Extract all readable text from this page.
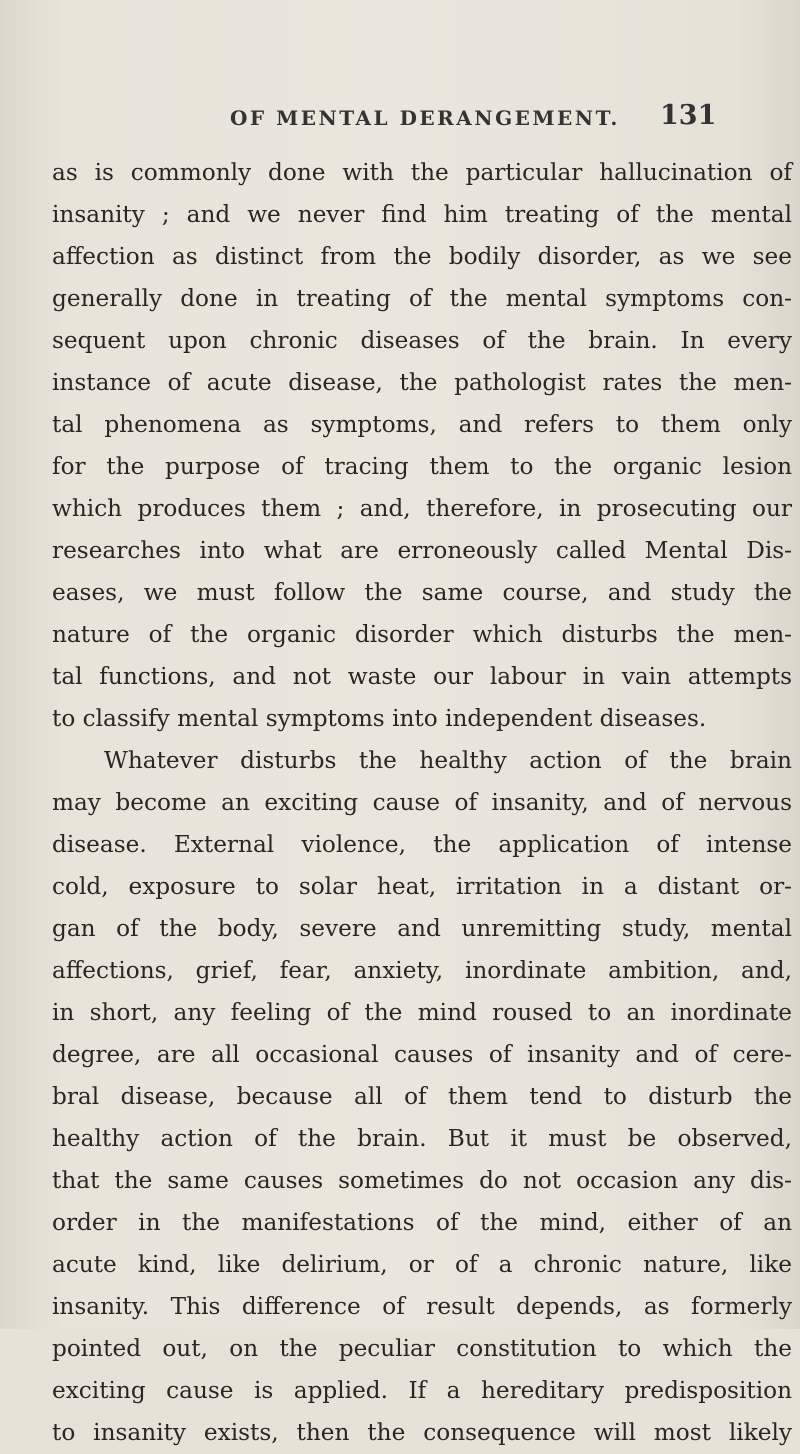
OF MENTAL DERANGEMENT. 131
as is commonly done with the particular hallucination of
insanity ; and we never find him treating of the mental
affection as distinct from the bodily disorder, as we see
generally done in treating of the mental symptoms con-
sequent upon chronic diseases of the brain. In every
instance of acute disease, the pathologist rates the men-
tal phenomena as symptoms, and refers to them only
for the purpose of tracing them to the organic lesion
which produces them ; and, therefore, in prosecuting our
researches into what are erroneously called Mental Dis-
eases, we must follow the same course, and study the
nature of the organic disorder which disturbs the men-
tal functions, and not waste our labour in vain attempts
to classify mental symptoms into independent diseases.
Whatever disturbs the healthy action of the brain
may become an exciting cause of insanity, and of nervous
disease. External violence, the application of intense
cold, exposure to solar heat, irritation in a distant or-
gan of the body, severe and unremitting study, mental
affections, grief, fear, anxiety, inordinate ambition, and,
in short, any feeling of the mind roused to an inordinate
degree, are all occasional causes of insanity and of cere-
bral disease, because all of them tend to disturb the
healthy action of the brain. But it must be observed,
that the same causes sometimes do not occasion any dis-
order in the manifestations of the mind, either of an
acute kind, like delirium, or of a chronic nature, like
insanity. This difference of result depends, as formerly
pointed out, on the peculiar constitution to which the
exciting cause is applied. If a hereditary predisposition
to insanity exists, then the consequence will most likely
